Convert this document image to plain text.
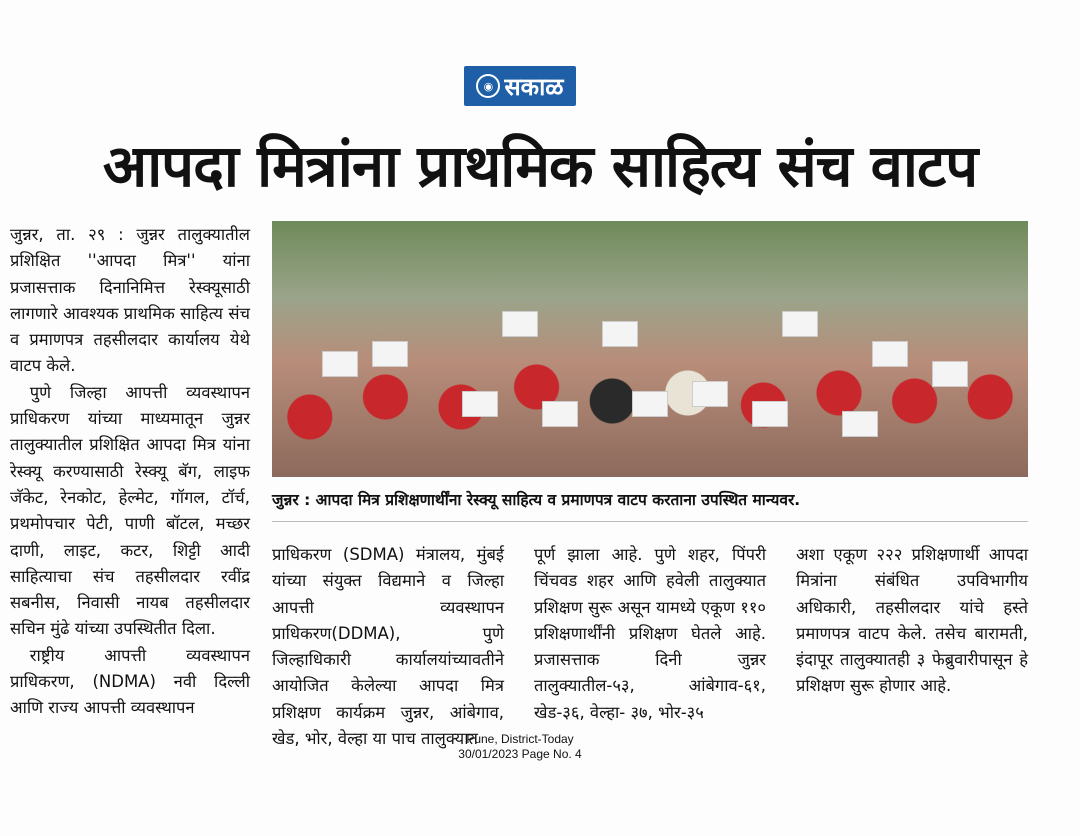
◉ सकाळ
आपदा मित्रांना प्राथमिक साहित्य संच वाटप

जुन्नर, ता. २९ : जुन्नर तालुक्यातील प्रशिक्षित ''आपदा मित्र'' यांना प्रजासत्ताक दिनानिमित्त रेस्क्यूसाठी लागणारे आवश्यक प्राथमिक साहित्य संच व प्रमाणपत्र तहसीलदार कार्यालय येथे वाटप केले.

पुणे जिल्हा आपत्ती व्यवस्थापन प्राधिकरण यांच्या माध्यमातून जुन्नर तालुक्यातील प्रशिक्षित आपदा मित्र यांना रेस्क्यू करण्यासाठी रेस्क्यू बॅग, लाइफ जॅकेट, रेनकोट, हेल्मेट, गॉगल, टॉर्च, प्रथमोपचार पेटी, पाणी बॉटल, मच्छर दाणी, लाइट, कटर, शिट्टी आदी साहित्याचा संच तहसीलदार रवींद्र सबनीस, निवासी नायब तहसीलदार सचिन मुंढे यांच्या उपस्थितीत दिला.

राष्ट्रीय आपत्ती व्यवस्थापन प्राधिकरण, (NDMA) नवी दिल्ली आणि राज्य आपत्ती व्यवस्थापन

जुन्नर : आपदा मित्र प्रशिक्षणार्थींना रेस्क्यू साहित्य व प्रमाणपत्र वाटप करताना उपस्थित मान्यवर.

प्राधिकरण (SDMA) मंत्रालय, मुंबई यांच्या संयुक्त विद्यमाने व जिल्हा आपत्ती व्यवस्थापन प्राधिकरण(DDMA), पुणे जिल्हाधिकारी कार्यालयांच्यावतीने आयोजित केलेल्या आपदा मित्र प्रशिक्षण कार्यक्रम जुन्नर, आंबेगाव, खेड, भोर, वेल्हा या पाच तालुक्यात

पूर्ण झाला आहे. पुणे शहर, पिंपरी चिंचवड शहर आणि हवेली तालुक्यात प्रशिक्षण सुरू असून यामध्ये एकूण ११० प्रशिक्षणार्थींनी प्रशिक्षण घेतले आहे. प्रजासत्ताक दिनी जुन्नर तालुक्यातील-५३, आंबेगाव-६१, खेड-३६, वेल्हा- ३७, भोर-३५

अशा एकूण २२२ प्रशिक्षणार्थी आपदा मित्रांना संबंधित उपविभागीय अधिकारी, तहसीलदार यांचे हस्ते प्रमाणपत्र वाटप केले. तसेच बारामती, इंदापूर तालुक्यातही ३ फेब्रुवारीपासून हे प्रशिक्षण सुरू होणार आहे.

Pune, District-Today
30/01/2023 Page No. 4
